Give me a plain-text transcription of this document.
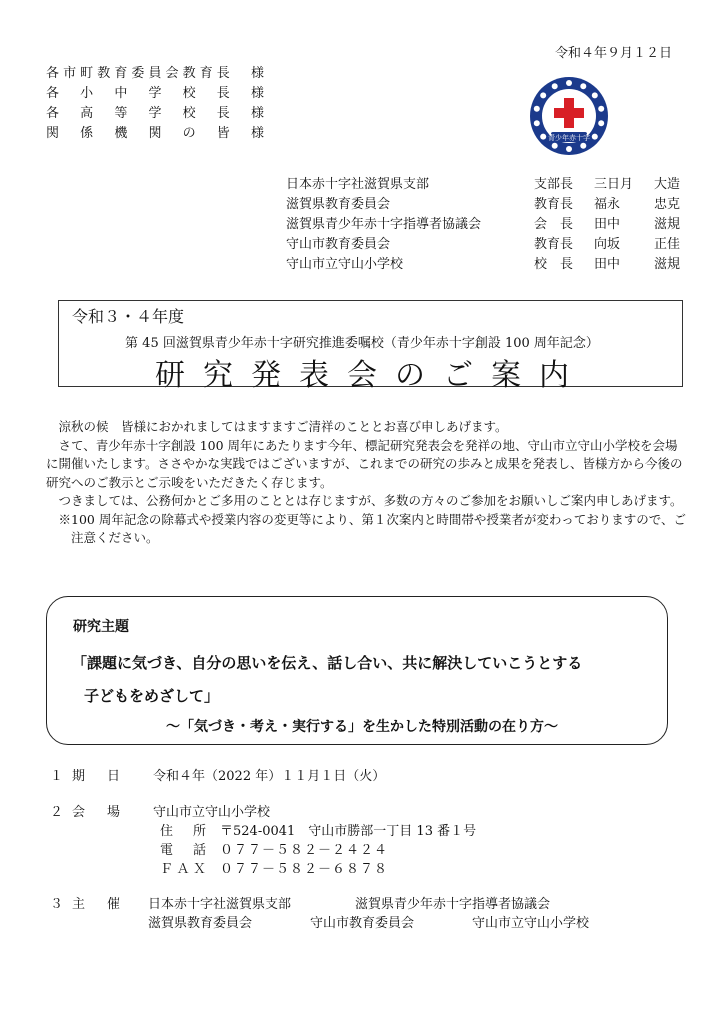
令和４年９月１２日
各 市 町 教 育 委 員 会 教 育 長
　 様
各 小 中 学 校 長 様
各 高 等 学 校 長 様
関 係 機 関 の 皆 様	青少年赤十字
日本赤十字社滋賀県支部	支部長 三日月 大造
滋賀県教育委員会	教育長 福永	忠克
滋賀県青少年赤十字指導者協議会	会　長 田中	滋規
守山市教育委員会	教育長 向坂	正佳
守山市立守山小学校	校　長 田中	滋規
令和３・４年度
第 45 回滋賀県青少年赤十字研究推進委嘱校（青少年赤十字創設 100 周年記念）
研究発表会のご案内

涼秋の候　皆様におかれましてはますますご清祥のこととお喜び申しあげます。

さて、青少年赤十字創設 100 周年にあたります今年、標記研究発表会を発祥の地、守山市立守山小学校を会場に開催いたします。ささやかな実践ではございますが、これまでの研究の歩みと成果を発表し、皆様方から今後の研究へのご教示とご示唆をいただきたく存じます。

つきましては、公務何かとご多用のこととは存じますが、多数の方々のご参加をお願いしご案内申しあげます。

※100 周年記念の除幕式や授業内容の変更等により、第１次案内と時間帯や授業者が変わっておりますので、ご注意ください。

研究主題
「課題に気づき、自分の思いを伝え、話し合い、共に解決していこうとする
子どもをめざして」
～「気づき・考え・実行する」を生かした特別活動の在り方～
１ 期 日	令和４年（2022 年）１１月１日（火）
２ 会 場	守山市立守山小学校
住 所 〒524-0041　守山市勝部一丁目 13 番１号
電 話 ０７７－５８２－２４２４
Ｆ Ａ Ｘ ０７７－５８２－６８７８
３ 主 催 日本赤十字社滋賀県支部	滋賀県青少年赤十字指導者協議会
滋賀県教育委員会	守山市教育委員会	守山市立守山小学校
